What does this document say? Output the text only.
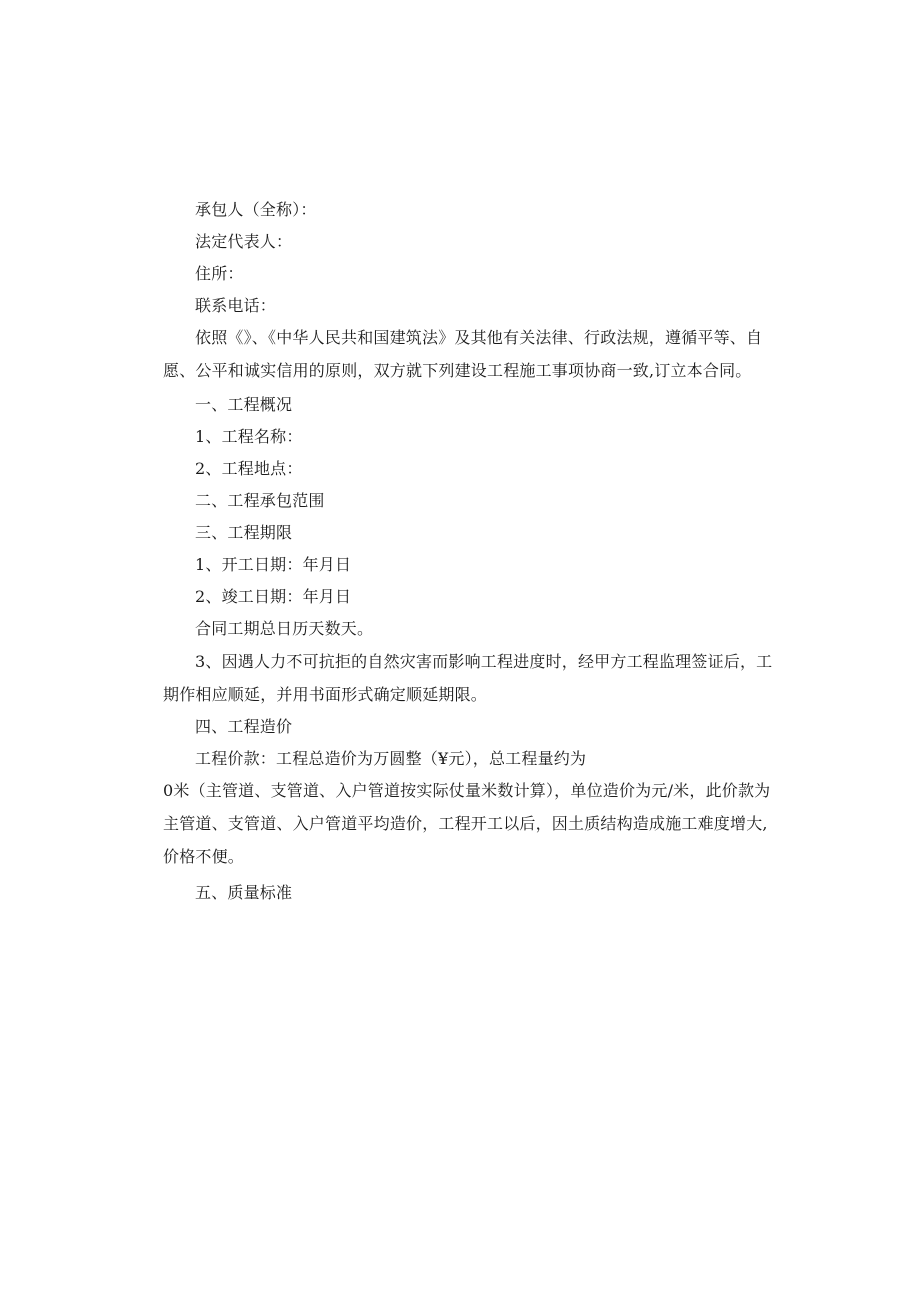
承包人（全称）：
法定代表人：
住所：
联系电话：
依照《》、《中华人民共和国建筑法》及其他有关法律、行政法规，遵循平等、自
愿、公平和诚实信用的原则，双方就下列建设工程施工事项协商一致,订立本合同。
一、工程概况
1、工程名称：
2、工程地点：
二、工程承包范围
三、工程期限
1、开工日期：年月日
2、竣工日期：年月日
合同工期总日历天数天。
3、因遇人力不可抗拒的自然灾害而影响工程进度时，经甲方工程监理签证后，工
期作相应顺延，并用书面形式确定顺延期限。
四、工程造价
工程价款：工程总造价为万圆整（¥元），总工程量约为
0米（主管道、支管道、入户管道按实际仗量米数计算），单位造价为元/米，此价款为
主管道、支管道、入户管道平均造价，工程开工以后，因土质结构造成施工难度增大,
价格不便。
五、质量标准
